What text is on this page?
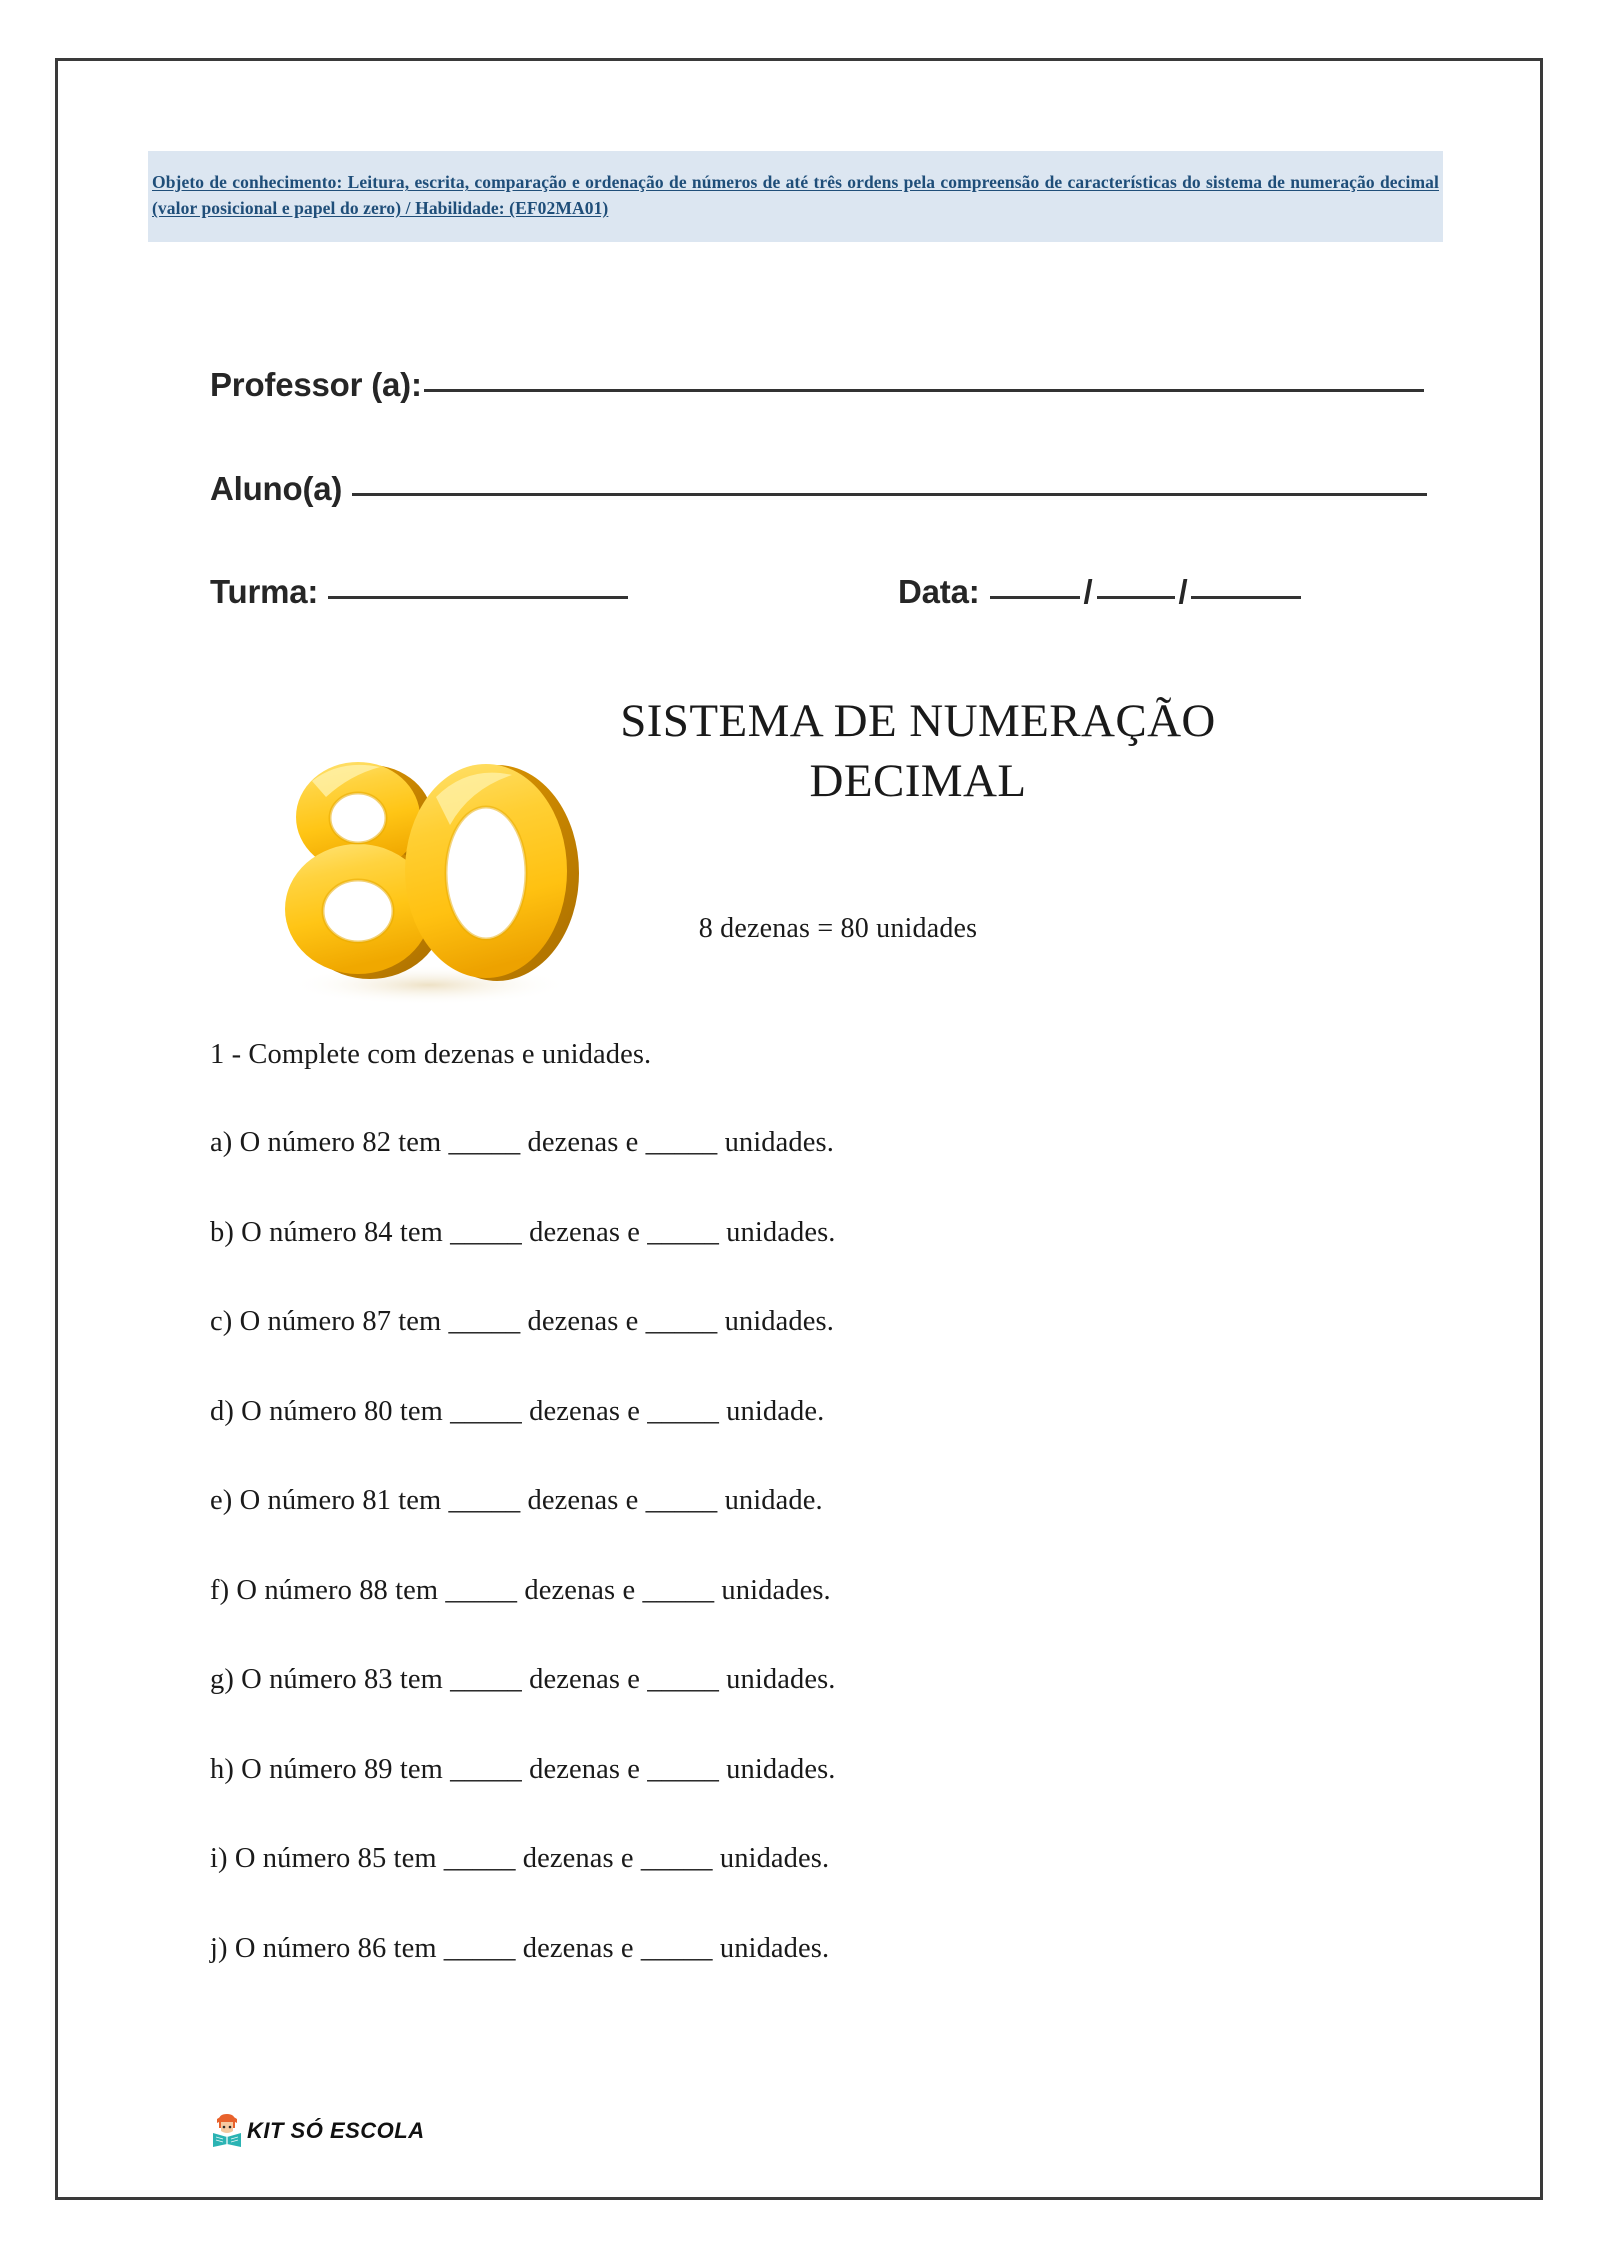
Objeto de conhecimento: Leitura, escrita, comparação e ordenação de números de até três ordens pela compreensão de características do sistema de numeração decimal (valor posicional e papel do zero) / Habilidade: (EF02MA01)

Professor (a):
Aluno(a)
Turma:	Data:	/	/
SISTEMA DE NUMERAÇÃO
DECIMAL
8 dezenas = 80 unidades
1 - Complete com dezenas e unidades.
a) O número 82 tem _____ dezenas e _____ unidades.
b) O número 84 tem _____ dezenas e _____ unidades.
c) O número 87 tem _____ dezenas e _____ unidades.
d) O número 80 tem _____ dezenas e _____ unidade.
e) O número 81 tem _____ dezenas e _____ unidade.
f) O número 88 tem _____ dezenas e _____ unidades.
g) O número 83 tem _____ dezenas e _____ unidades.
h) O número 89 tem _____ dezenas e _____ unidades.
i) O número 85 tem _____ dezenas e _____ unidades.
j) O número 86 tem _____ dezenas e _____ unidades.
KIT SÓ ESCOLA
